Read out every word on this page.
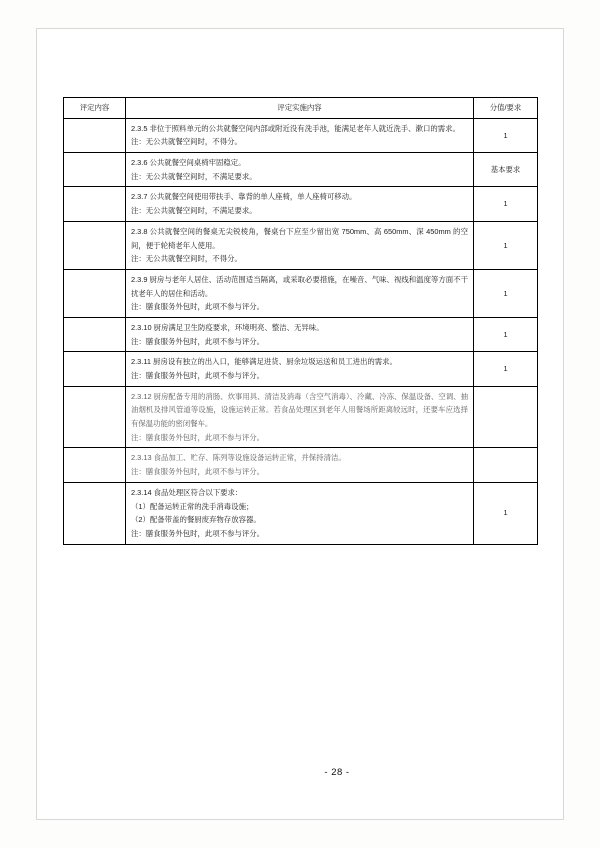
评定内容	评定实施内容	分值/要求

	2.3.5 非位于照料单元的公共就餐空间内部或附近没有洗手池，能满足老年人就近洗手、漱口的需求。
注：无公共就餐空间时，不得分。	1

	2.3.6 公共就餐空间桌椅牢固稳定。
注：无公共就餐空间时，不满足要求。	基本要求

	2.3.7 公共就餐空间使用带扶手、靠背的单人座椅，单人座椅可移动。
注：无公共就餐空间时，不满足要求。	1

	2.3.8 公共就餐空间的餐桌无尖锐棱角，餐桌台下应至少留出宽 750mm、高 650mm、深 450mm 的空间，便于轮椅老年人使用。
注：无公共就餐空间时，不得分。	1

	2.3.9 厨房与老年人居住、活动范围适当隔离，或采取必要措施，在噪音、气味、视线和温度等方面不干扰老年人的居住和活动。
注：膳食服务外包时，此项不参与评分。	1

	2.3.10 厨房满足卫生防疫要求，环境明亮、整洁、无异味。
注：膳食服务外包时，此项不参与评分。	1

	2.3.11 厨房设有独立的出入口，能够满足进货、厨余垃圾运送和员工进出的需求。
注：膳食服务外包时，此项不参与评分。	1

	2.3.12 厨房配备专用的消肠、炊事用具、清洁及消毒（含空气消毒）、冷藏、冷冻、保温设备、空调、抽油烟机及排风管道等设施，设施运转正常。若食品处理区到老年人用餐场所距离较远时，还要车应选择有保温功能的密闭餐车。
注：膳食服务外包时，此项不参与评分。	

	2.3.13 食品加工、贮存、陈列等设施设备运转正常，并保持清洁。
注：膳食服务外包时，此项不参与评分。	

	2.3.14 食品处理区符合以下要求：
（1）配备运转正常的洗手消毒设施；
（2）配备带盖的餐厨废弃物存放容器。
注：膳食服务外包时，此项不参与评分。	1
- 28 -
